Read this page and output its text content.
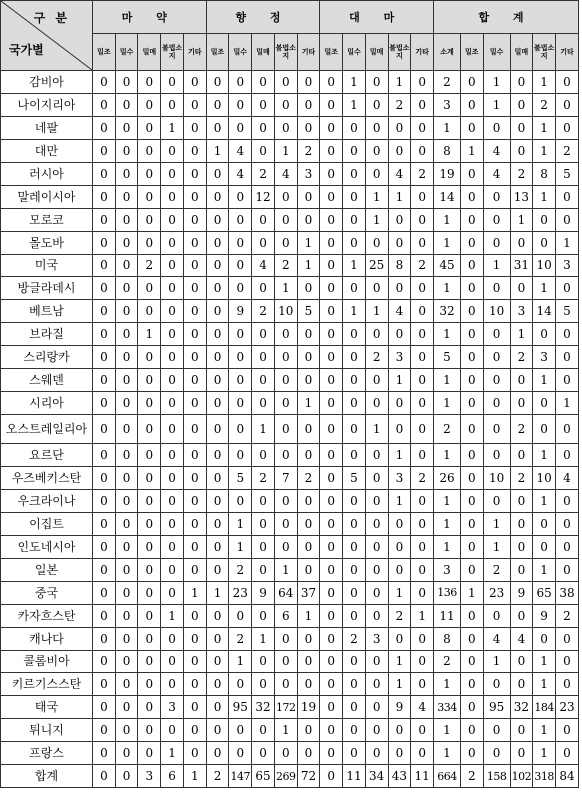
구 분
국가별	마 약					향 정					대 마					합 계					
	밀조	밀수	밀매	불법소지	기타	밀조	밀수	밀매	불법소지	기타	밀조	밀수	밀매	불법소지	기타	소계	밀조	밀수	밀매	불법소지	기타
감비아	0	0	0	0	0	0	0	0	0	0	0	1	0	1	0	2	0	1	0	1	0
나이지리아	0	0	0	0	0	0	0	0	0	0	0	1	0	2	0	3	0	1	0	2	0
네팔	0	0	0	1	0	0	0	0	0	0	0	0	0	0	0	1	0	0	0	1	0
대만	0	0	0	0	0	1	4	0	1	2	0	0	0	0	0	8	1	4	0	1	2
러시아	0	0	0	0	0	0	4	2	4	3	0	0	0	4	2	19	0	4	2	8	5
말레이시아	0	0	0	0	0	0	0	12	0	0	0	0	1	1	0	14	0	0	13	1	0
모로코	0	0	0	0	0	0	0	0	0	0	0	0	1	0	0	1	0	0	1	0	0
몰도바	0	0	0	0	0	0	0	0	0	1	0	0	0	0	0	1	0	0	0	0	1
미국	0	0	2	0	0	0	0	4	2	1	0	1	25	8	2	45	0	1	31	10	3
방글라데시	0	0	0	0	0	0	0	0	1	0	0	0	0	0	0	1	0	0	0	1	0
베트남	0	0	0	0	0	0	9	2	10	5	0	1	1	4	0	32	0	10	3	14	5
브라질	0	0	1	0	0	0	0	0	0	0	0	0	0	0	0	1	0	0	1	0	0
스리랑카	0	0	0	0	0	0	0	0	0	0	0	0	2	3	0	5	0	0	2	3	0
스웨덴	0	0	0	0	0	0	0	0	0	0	0	0	0	1	0	1	0	0	0	1	0
시리아	0	0	0	0	0	0	0	0	0	1	0	0	0	0	0	1	0	0	0	0	1
오스트레일리아	0	0	0	0	0	0	0	1	0	0	0	0	1	0	0	2	0	0	2	0	0
요르단	0	0	0	0	0	0	0	0	0	0	0	0	0	1	0	1	0	0	0	1	0
우즈베키스탄	0	0	0	0	0	0	5	2	7	2	0	5	0	3	2	26	0	10	2	10	4
우크라이나	0	0	0	0	0	0	0	0	0	0	0	0	0	1	0	1	0	0	0	1	0
이집트	0	0	0	0	0	0	1	0	0	0	0	0	0	0	0	1	0	1	0	0	0
인도네시아	0	0	0	0	0	0	1	0	0	0	0	0	0	0	0	1	0	1	0	0	0
일본	0	0	0	0	0	0	2	0	1	0	0	0	0	0	0	3	0	2	0	1	0
중국	0	0	0	0	1	1	23	9	64	37	0	0	0	1	0	136	1	23	9	65	38
카자흐스탄	0	0	0	1	0	0	0	0	6	1	0	0	0	2	1	11	0	0	0	9	2
캐나다	0	0	0	0	0	0	2	1	0	0	0	2	3	0	0	8	0	4	4	0	0
콜롬비아	0	0	0	0	0	0	1	0	0	0	0	0	0	1	0	2	0	1	0	1	0
키르기스스탄	0	0	0	0	0	0	0	0	0	0	0	0	0	1	0	1	0	0	0	1	0
태국	0	0	0	3	0	0	95	32	172	19	0	0	0	9	4	334	0	95	32	184	23
튀니지	0	0	0	0	0	0	0	0	1	0	0	0	0	0	0	1	0	0	0	1	0
프랑스	0	0	0	1	0	0	0	0	0	0	0	0	0	0	0	1	0	0	0	1	0
합계	0	0	3	6	1	2	147	65	269	72	0	11	34	43	11	664	2	158	102	318	84
